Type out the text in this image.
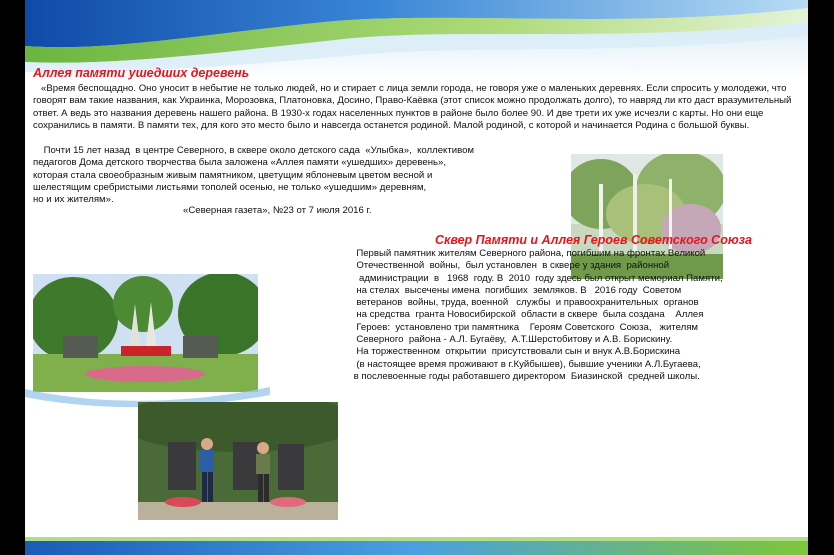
Аллея памяти ушедших деревень
«Время беспощадно. Оно уносит в небытие не только людей, но и стирает с лица земли города, не говоря уже о маленьких деревнях. Если спросить у молодежи, что говорят вам такие названия, как Украинка, Морозовка, Платоновка, Досино, Право-Каёвка (этот список можно продолжать долго), то навряд ли кто даст вразумительный ответ. А ведь это названия деревень нашего района. В 1930-х годах населенных пунктов в районе было более 90. И две трети их уже исчезли с карты. Но они еще сохранились в памяти. В памяти тех, для кого это место было и навсегда останется родиной. Малой родиной, с которой и начинается Родина с большой буквы.
Почти 15 лет назад  в центре Северного, в сквере около детского сада  «Улыбка»,  коллективом
педагогов Дома детского творчества была заложена «Аллея памяти «ушедших» деревень»,
которая стала своеобразным живым памятником, цветущим яблоневым цветом весной и
шелестящим сребристыми листьями тополей осенью, не только «ушедшим» деревням,
но и их жителям».
«Северная газета», №23 от 7 июля 2016 г.
Сквер Памяти и Аллея Героев Советского Союза
Первый памятник жителям Северного района, погибшим на фронтах Великой
Отечественной  войны,  был установлен  в сквере у здания  районной
администрации  в   1968  году. В  2010  году здесь был открыт мемориал Памяти,
на стелах  высечены имена  погибших  земляков. В   2016 году  Советом
ветеранов  войны, труда, военной   службы  и правоохранительных  органов
на средства  гранта Новосибирской  области в сквере  была создана    Аллея
Героев:  установлено три памятника    Героям Советского  Союза,   жителям
Северного  района - А.Л. Бугаёву,  А.Т.Шерстобитову и А.В. Борискину.
На торжественном  открытии  присутствовали сын и внук А.В.Борискина
(в настоящее время проживают в г.Куйбышев), бывшие ученики А.Л.Бугаева,
в послевоенные годы работавшего директором  Биазинской  средней школы.
